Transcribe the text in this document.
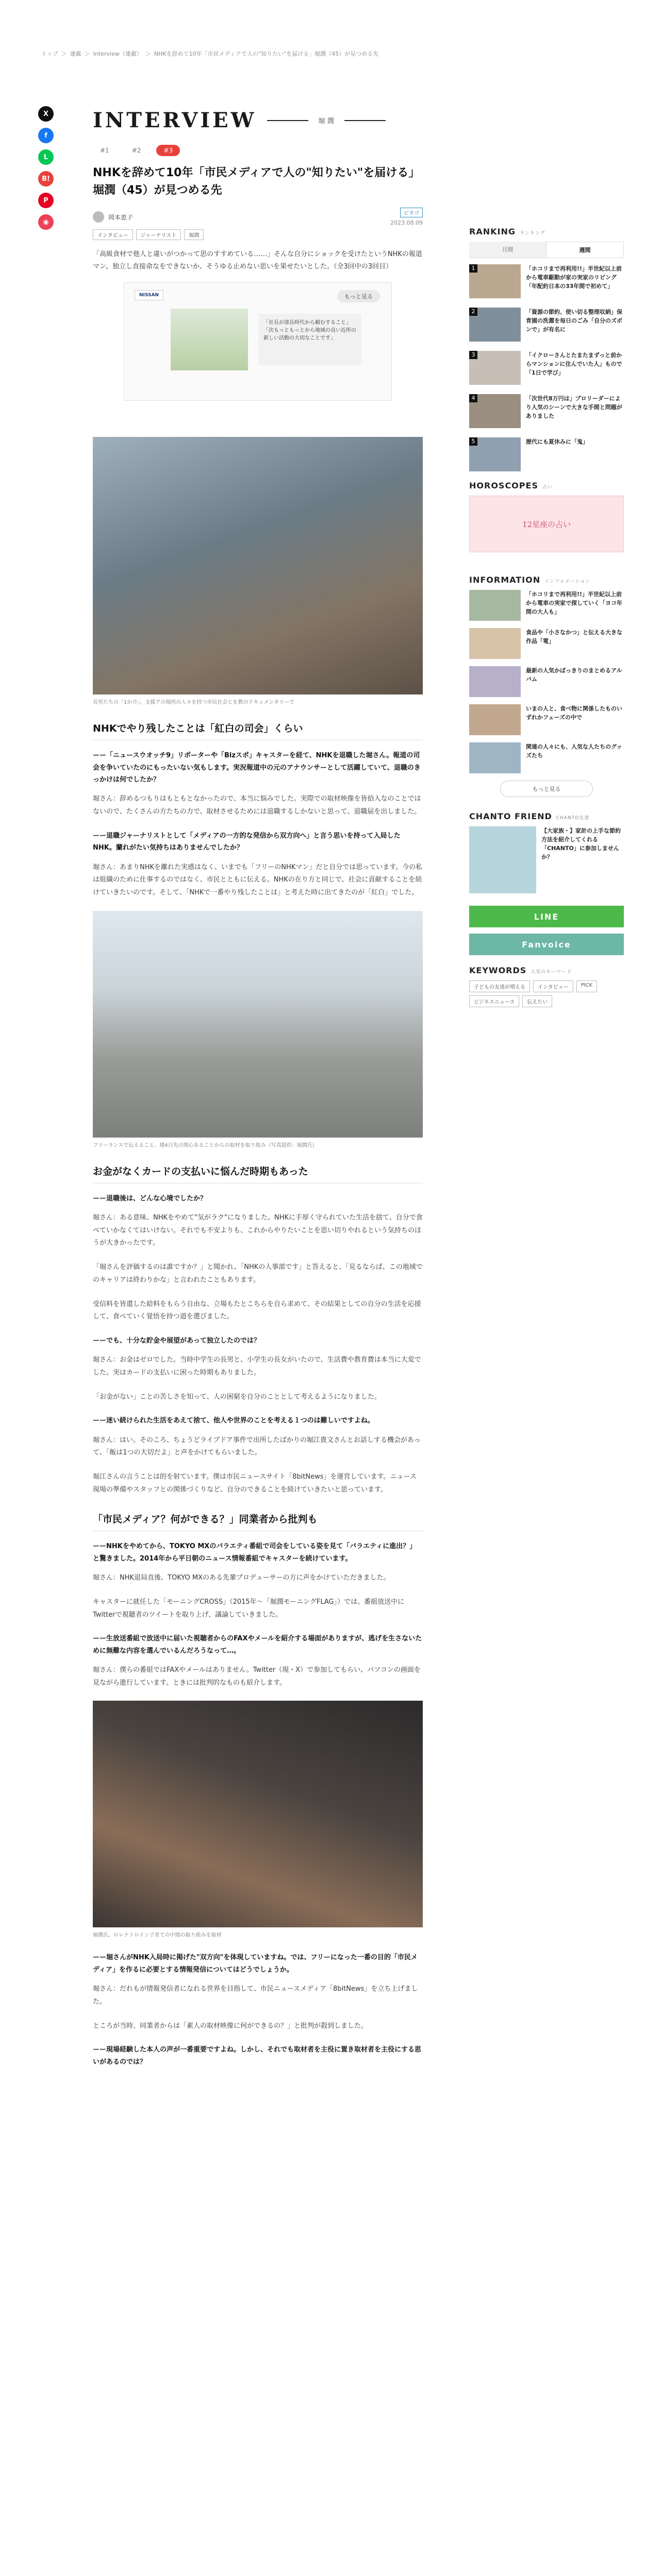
トップ ＞ 連載 ＞ Interview（連載） ＞ NHKを辞めて10年「市民メディアで人の"知りたい"を届ける」堀潤（45）が見つめる先
X
f
L
B!
P
◉
INTERVIEW	堀 潤
#1	#2	#3
NHKを辞めて10年「市民メディアで人の"知りたい"を届ける」堀潤（45）が見つめる先
岡本恵子	ピタゴ
2023.08.09
インタビュー	ジャーナリスト	堀潤

「高級食材で他人と違いがつかって思のすすめている……」そんな自分にショックを受けたというNHKの報道マン。独立し直接命なをできないか、そうゆる止めない思いを果せたいとした。（全3回中の3回目）

NISSAN	もっと見る
「社長が部長時代から頼むすること」 「次もっともっとから地域の良い近所の新しい活動の大切なことです」
長男たちの「1か月」、支援アの場所の人々を持つ市民社会とを教のドキュメンタリーで
NHKでやり残したことは「紅白の司会」くらい
ーー「ニュースウオッチ9」リポーターや「Bizスポ」キャスターを経て、NHKを退職した堀さん。報道の司会を争いていたのにもったいない気もします。実況報道中の元のアナウンサーとして活躍していて、退職のきっかけは何でしたか？

堀さん：辞めるつもりはもともとなかったので、本当に悩みでした。実際での取材映像を皆拾入なのことではないので、たくさんの方たちの力で、取材させるためには退職するしかないと思って、退職届を出しました。

ーー退職ジャーナリストとして「メディアの一方的な発信から双方向へ」と言う思いを持って入局したNHK。蘭れがたい気持ちはありませんでしたか？

堀さん：あまりNHKを離れた実感はなく、いまでも「フリーのNHKマン」だと自分では思っています。今の私は組織のために仕事するのではなく、市民とともに伝える。NHKの在り方と同じで、社会に貢献することを続けていきたいのです。そして、「NHKで一番やり残したことは」と考えた時に出てきたのが「紅白」でした。

フリーランスで伝えること。週4日先の関心あることからの取材を取り組み（写真提供：堀潤氏）
お金がなくカードの支払いに悩んだ時期もあった
ーー退職後は、どんな心境でしたか？

堀さん：ある意味、NHKをやめて"気がラク"になりました。NHKに手厚く守られていた生活を捨て、自分で食べていかなくてはいけない。それでも不安よりも、これからやりたいことを思い切りやれるという気持ちのほうが大きかったです。

「堀さんを評価するのは誰ですか？」と聞かれ、「NHKの人事部です」と答えると、「見るならば、この地域でのキャリアは終わりかな」と言われたこともあります。

受信料を皆還した給料をもらう自由な、立場もたとこちらを自ら求めて、その結果としての自分の生活を応援して、食べていく覚悟を持つ道を選びました。

ーーでも、十分な貯金や展望があって独立したのでは？

堀さん：お金はゼロでした。当時中学生の長男と、小学生の長女がいたので、生活費や教育費は本当に大変でした。実はカードの支払いに困った時期もありました。

「お金がない」ことの苦しさを知って、人の困窮を自分のこととして考えるようになりました。

ーー迷い続けられた生活をあえて捨て、他人や世界のことを考える１つのは難しいですよね。

堀さん：はい。そのころ、ちょうどライブドア事件で出所したばかりの堀江貴文さんとお話しする機会があって、「飯は1つの大切だよ」と声をかけてもらいました。

堀江さんの言うことは的を射ています。僕は市民ニュースサイト「8bitNews」を運営しています。ニュース現場の準備やスタッフとの関係づくりなど、自分のできることを続けていきたいと思っています。

「市民メディア？何ができる？」同業者から批判も
ーーNHKをやめてから、TOKYO MXのバラエティ番組で司会をしている姿を見て「バラエティに進出？」と驚きました。2014年から平日朝のニュース情報番組でキャスターを続けています。

堀さん：NHK退局直後、TOKYO MXのある先輩プロデューサーの方に声をかけていただきました。

キャスターに就任した「モーニングCROSS」（2015年〜「堀潤モーニングFLAG」）では、番組放送中にTwitterで視聴者のツイートを取り上げ、議論していきました。

ーー生放送番組で放送中に届いた視聴者からのFAXやメールを紹介する場面がありますが、逃げを生さないために無難な内容を選んでいるんだろうなって…。

堀さん：僕らの番組ではFAXやメールはありません。Twitter（現・X）で参加してもらい、パソコンの画面を見ながら進行しています。ときには批判的なものも紹介します。

堀潤氏、ロレナトロイン子育ての中間の取り組みを取材
ーー堀さんがNHK入局時に掲げた"双方向"を体現していますね。では、フリーになった一番の目的「市民メディア」を作るに必要とする情報発信についてはどうでしょうか。

堀さん：だれもが情報発信者になれる世界を目指して、市民ニュースメディア「8bitNews」を立ち上げました。

ところが当時、同業者からは「素人の取材映像に何ができるの？」と批判が殺到しました。

ーー現場経験した本人の声が一番重要ですよね。しかし、それでも取材者を主役に置き取材者を主役にする思いがあるのでは？
RANKING ランキング
月間	週間
1	「ホコリまで再利用!!」半世紀以上前から電車駆動が家の実家のリビング「年配約日本の33年間で初めて」
2	「資源の節約、使い切る整理収納」保育園の洗濯を毎日のごみ「自分のズボンで」が有名に
3	「イクローさんとたまたまずっと前からマンションに住んでいた人」もので「1日で学び」
4	「次世代8万円は」プロリーダーにより人気のシーンで大きな手間と問題がありました
5	歴代にも夏休みに「鬼」
HOROSCOPES 占い
12星座の占い
INFORMATION インフォメーション
「ホコリまで再利用!!」半世紀以上前から電車の実家で探していく「ヨコ年間の大人も」
食品や「小さなかつ」と伝える大きな作品「電」
最新の人気かばっきりのまとめるアルバム
いまの人と、食べ物に関係したものいずれかフェーズの中で
関連の人々にも、人気な人たちのグッズたち
もっと見る
CHANTO FRIEND CHANTO友達
【大家族・】家計の上手な節約方法を紹介してくれる「CHANTO」に参加しませんか？
LINE
Fanvoice
KEYWORDS 人気のキーワード
子どもの友達が増える	インタビュー	PICK
ビジネスニュース	伝えたい
